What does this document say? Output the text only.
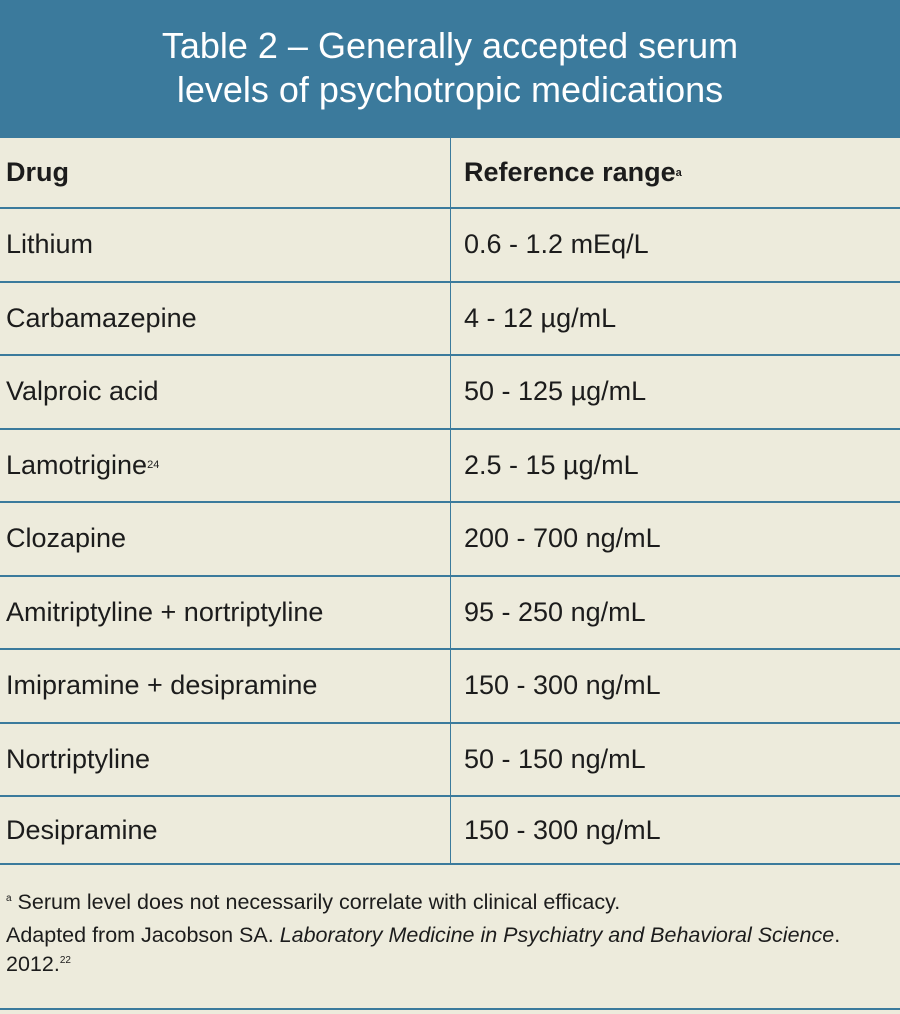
Table 2 – Generally accepted serum
levels of psychotropic medications
Drug	Reference range a
Lithium	0.6 - 1.2 mEq/L
Carbamazepine	4 - 12 µg/mL
Valproic acid	50 - 125 µg/mL
Lamotrigine 24	2.5 - 15 µg/mL
Clozapine	200 - 700 ng/mL
Amitriptyline + nortriptyline	95 - 250 ng/mL
Imipramine + desipramine	150 - 300 ng/mL
Nortriptyline	50 - 150 ng/mL
Desipramine	150 - 300 ng/mL
$^a$ Serum level does not necessarily correlate with clinical efficacy.
Adapted from Jacobson SA. Laboratory Medicine in Psychiatry and Behavioral Science. 2012.22
